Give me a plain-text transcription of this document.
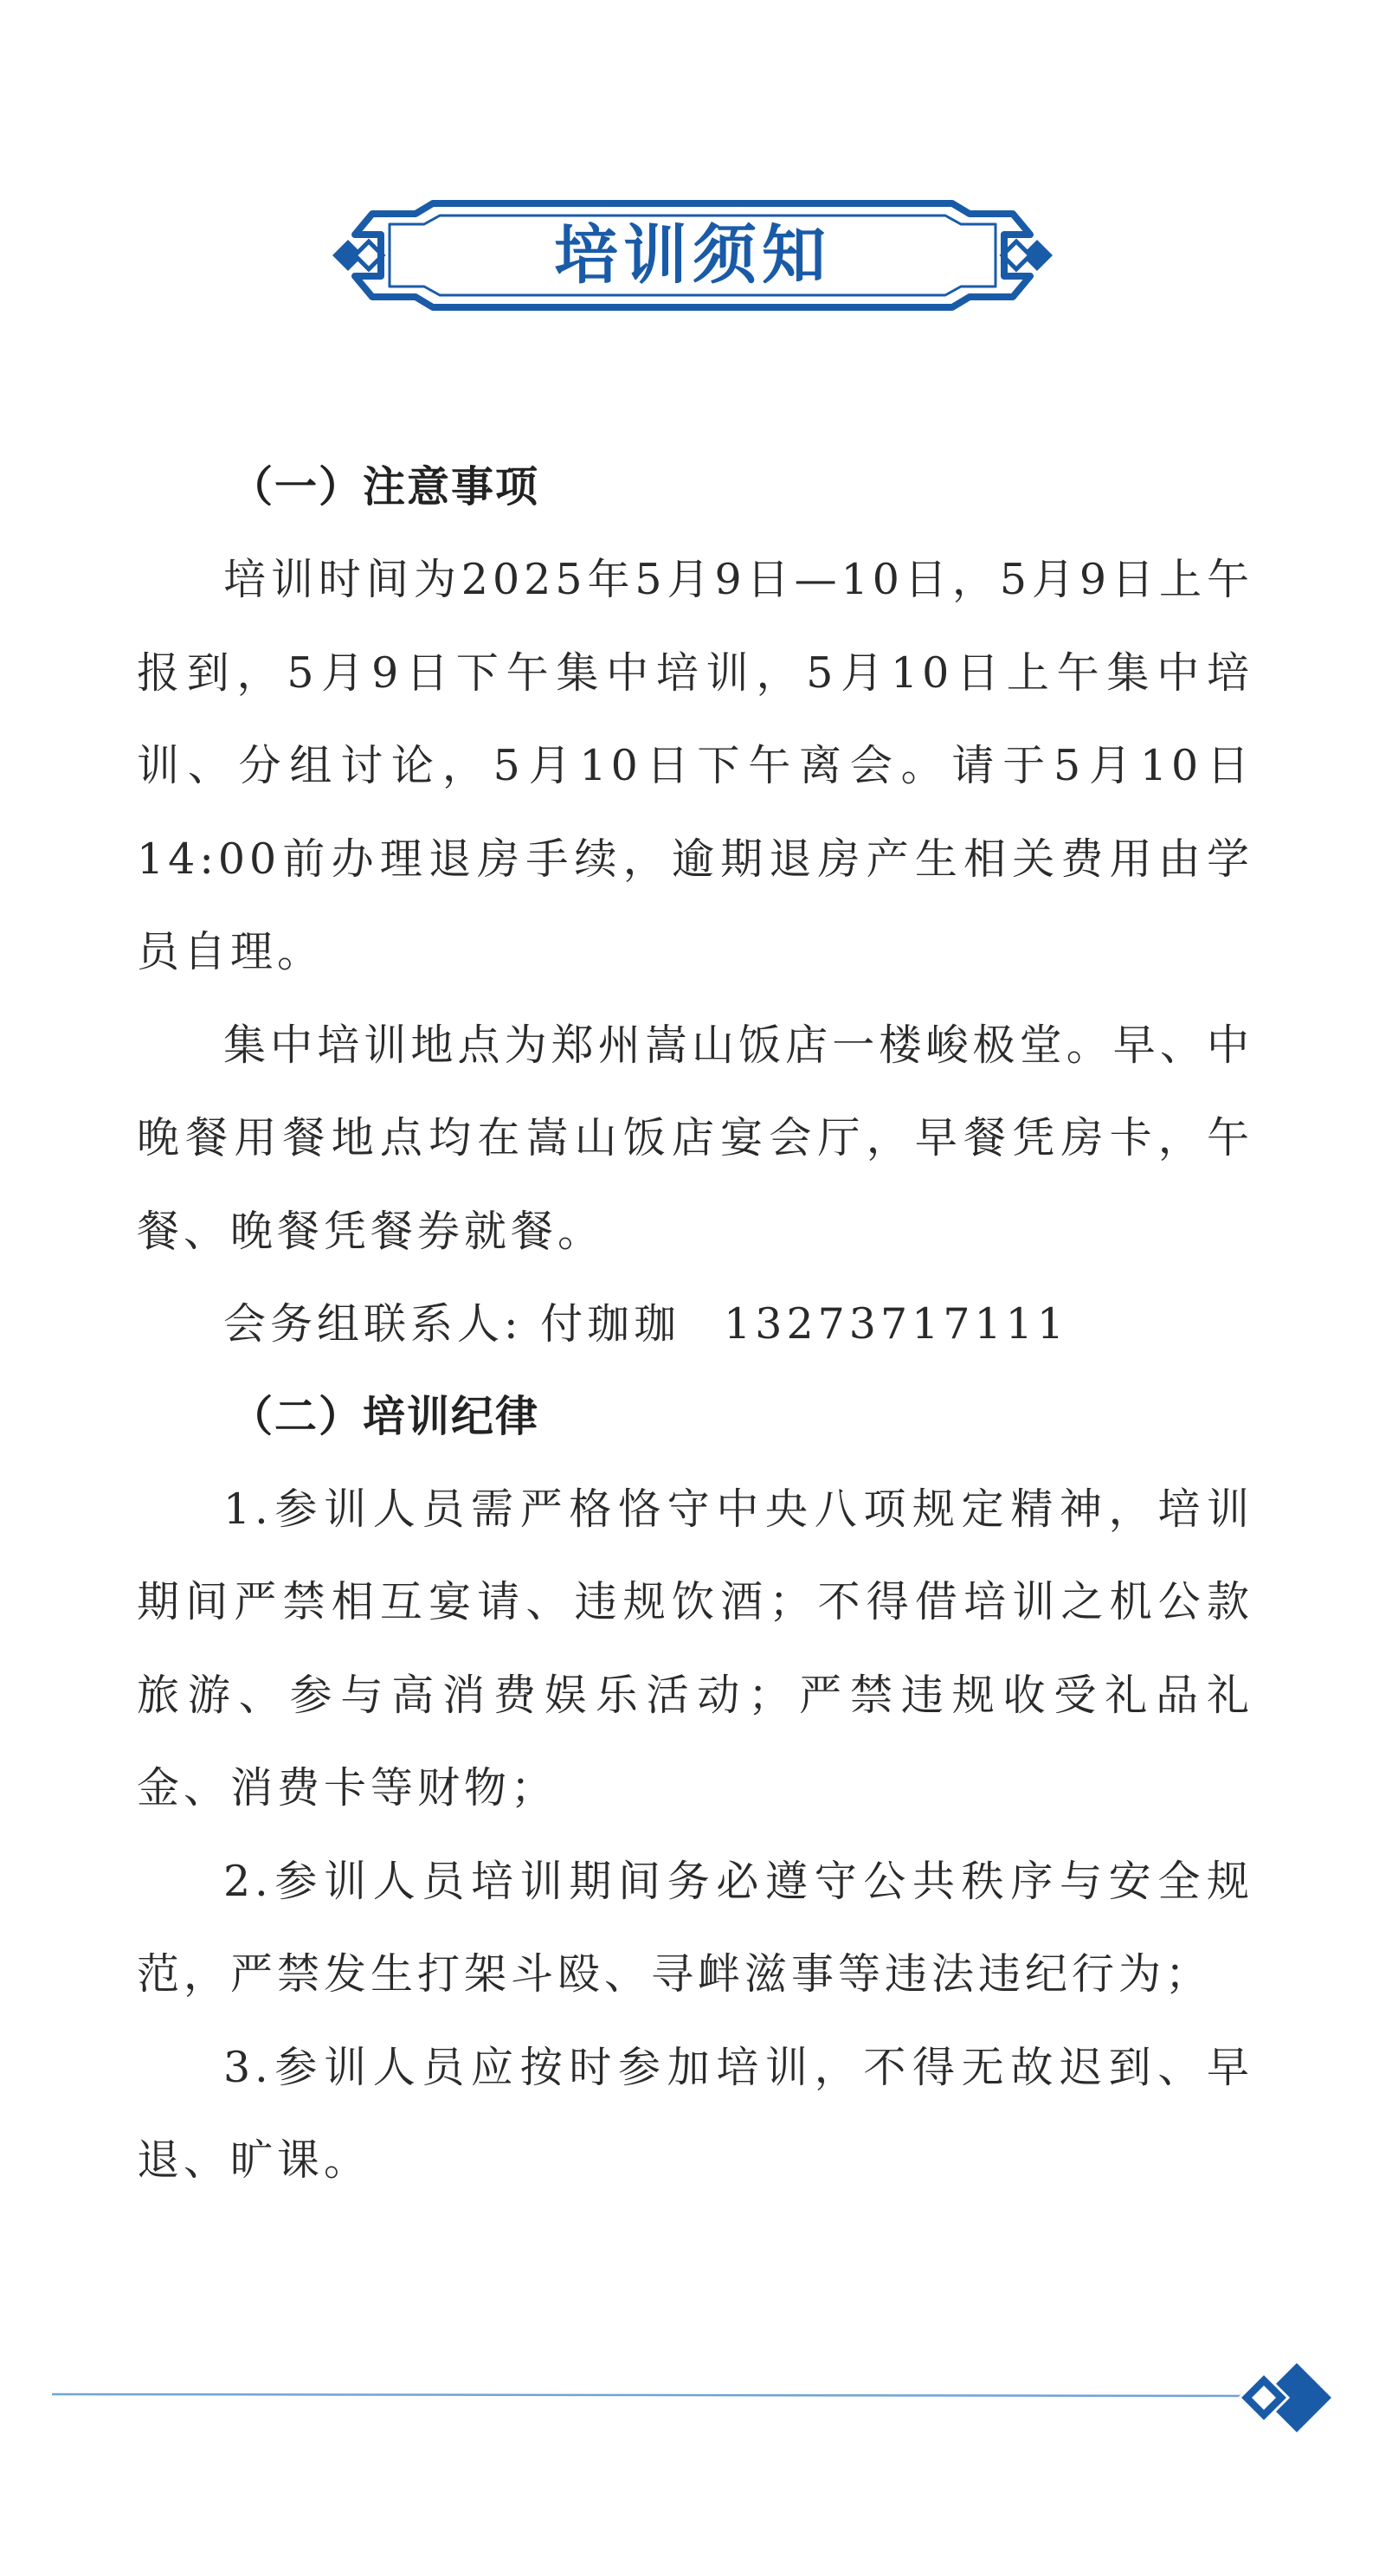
培训须知
（一）注意事项

培训时间为2025年5月9日—10日，5月9日上午报到，5月9日下午集中培训，5月10日上午集中培训、分组讨论，5月10日下午离会。请于5月10日14:00前办理退房手续，逾期退房产生相关费用由学员自理。

集中培训地点为郑州嵩山饭店一楼峻极堂。早、中晚餐用餐地点均在嵩山饭店宴会厅，早餐凭房卡，午餐、晚餐凭餐券就餐。

会务组联系人: 付珈珈 13273717111

（二）培训纪律

1.参训人员需严格恪守中央八项规定精神，培训期间严禁相互宴请、违规饮酒；不得借培训之机公款旅游、参与高消费娱乐活动；严禁违规收受礼品礼金、消费卡等财物；

2.参训人员培训期间务必遵守公共秩序与安全规范，严禁发生打架斗殴、寻衅滋事等违法违纪行为；

3.参训人员应按时参加培训，不得无故迟到、早退、旷课。
